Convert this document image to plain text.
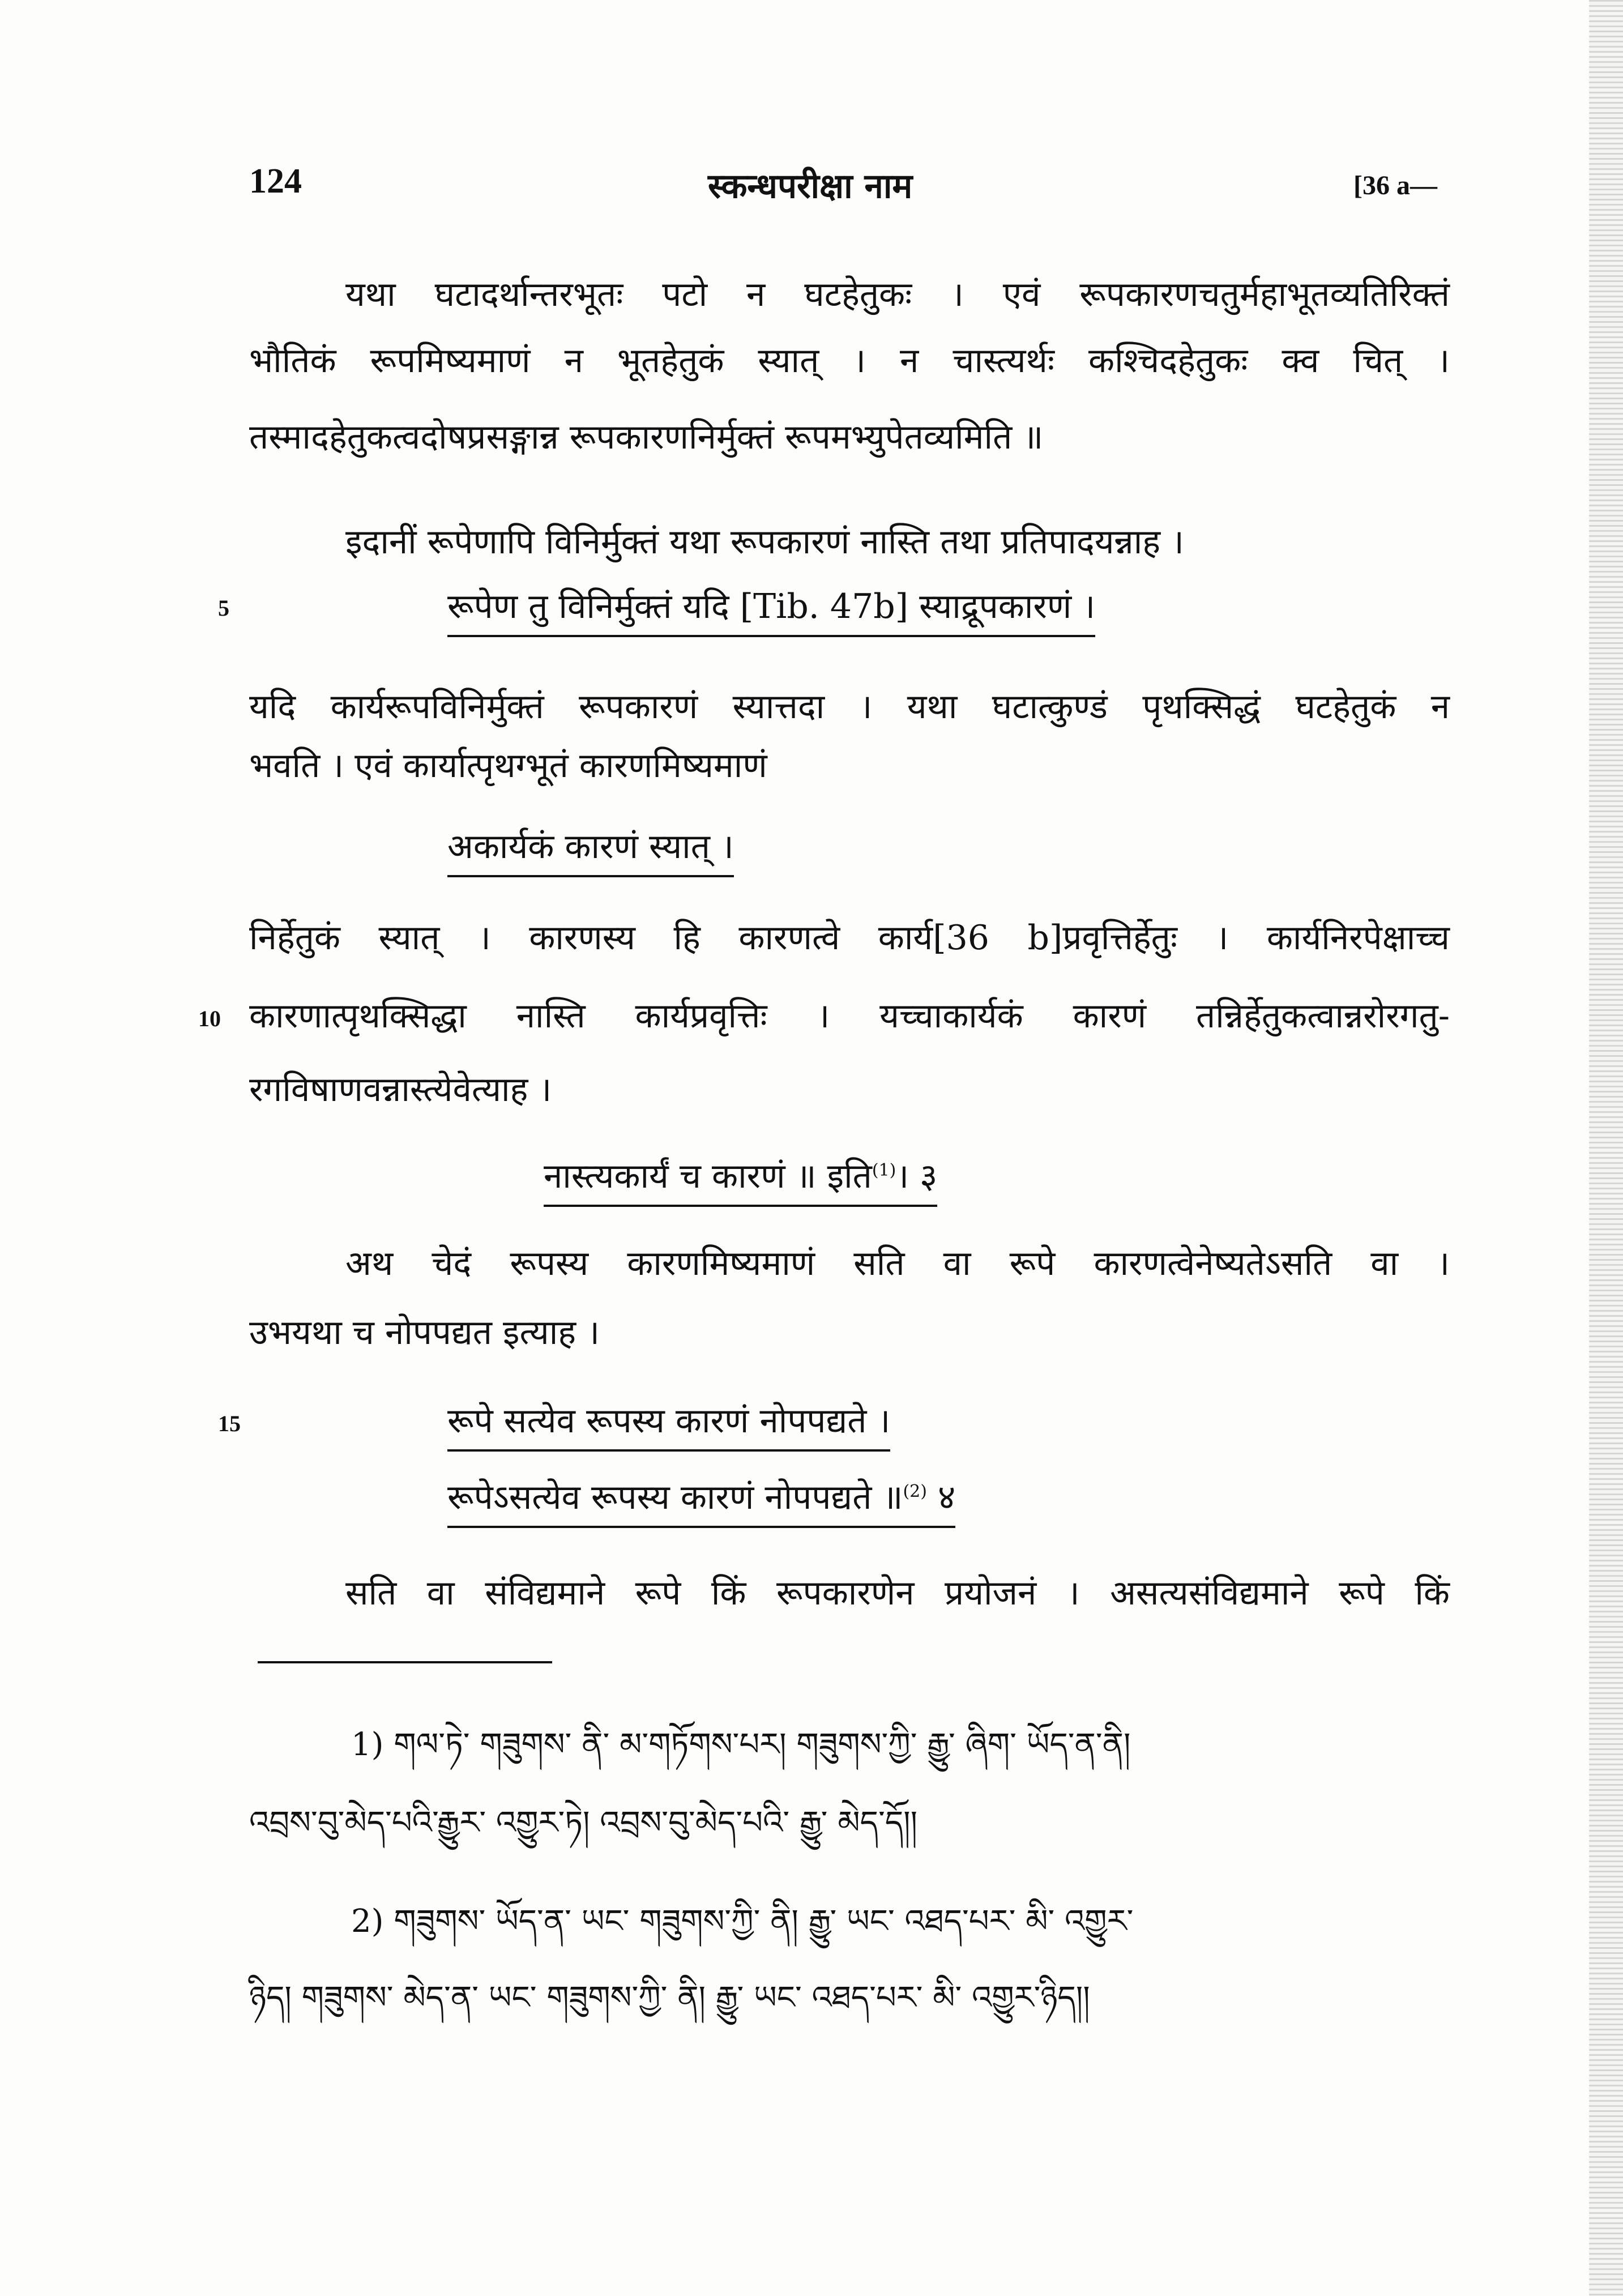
124	स्कन्धपरीक्षा नाम	[36 a—
यथा घटादर्थान्तरभूतः पटो न घटहेतुकः । एवं रूपकारणचतुर्महाभूतव्यतिरिक्तं
भौतिकं रूपमिष्यमाणं न भूतहेतुकं स्यात् । न चास्त्यर्थः कश्चिदहेतुकः क्व चित् ।
तस्मादहेतुकत्वदोषप्रसङ्गान्न रूपकारणनिर्मुक्तं रूपमभ्युपेतव्यमिति ॥
इदानीं रूपेणापि विनिर्मुक्तं यथा रूपकारणं नास्ति तथा प्रतिपादयन्नाह ।
5	रूपेण तु विनिर्मुक्तं यदि [Tib. 47b] स्याद्रूपकारणं ।
यदि कार्यरूपविनिर्मुक्तं रूपकारणं स्यात्तदा । यथा घटात्कुण्डं पृथक्सिद्धं घटहेतुकं न
भवति । एवं कार्यात्पृथग्भूतं कारणमिष्यमाणं
अकार्यकं कारणं स्यात् ।
निर्हेतुकं स्यात् । कारणस्य हि कारणत्वे कार्य[36 b]प्रवृत्तिर्हेतुः । कार्यनिरपेक्षाच्च
10 कारणात्पृथक्सिद्धा नास्ति कार्यप्रवृत्तिः । यच्चाकार्यकं कारणं तन्निर्हेतुकत्वान्नरोरगतु-
रगविषाणवन्नास्त्येवेत्याह ।
नास्त्यकार्यं च कारणं ॥ इति$^{(1)}$। ३
अथ चेदं रूपस्य कारणमिष्यमाणं सति वा रूपे कारणत्वेनेष्यतेऽसति वा ।
उभयथा च नोपपद्यत इत्याह ।
15	रूपे सत्येव रूपस्य कारणं नोपपद्यते ।
रूपेऽसत्येव रूपस्य कारणं नोपपद्यते ॥$^{(2)}$ ४
सति वा संविद्यमाने रूपे किं रूपकारणेन प्रयोजनं । असत्यसंविद्यमाने रूपे किं
1) གལ་ཏེ་ གཟུགས་ ནི་ མ་གཏོགས་པར། གཟུགས་ཀྱི་ རྒྱུ་ ཞིག་ ཡོད་ན་ནི།
འབྲས་བུ་མེད་པའི་རྒྱུར་ འགྱུར་ཏེ། འབྲས་བུ་མེད་པའི་ རྒྱུ་ མེད་དོ།།
2) གཟུགས་ ཡོད་ན་ ཡང་ གཟུགས་ཀྱི་ ནི། རྒྱུ་ ཡང་ འཐད་པར་ མི་ འགྱུར་
ཉིད། གཟུགས་ མེད་ན་ ཡང་ གཟུགས་ཀྱི་ ནི། རྒྱུ་ ཡང་ འཐད་པར་ མི་ འགྱུར་ཉིད།།
